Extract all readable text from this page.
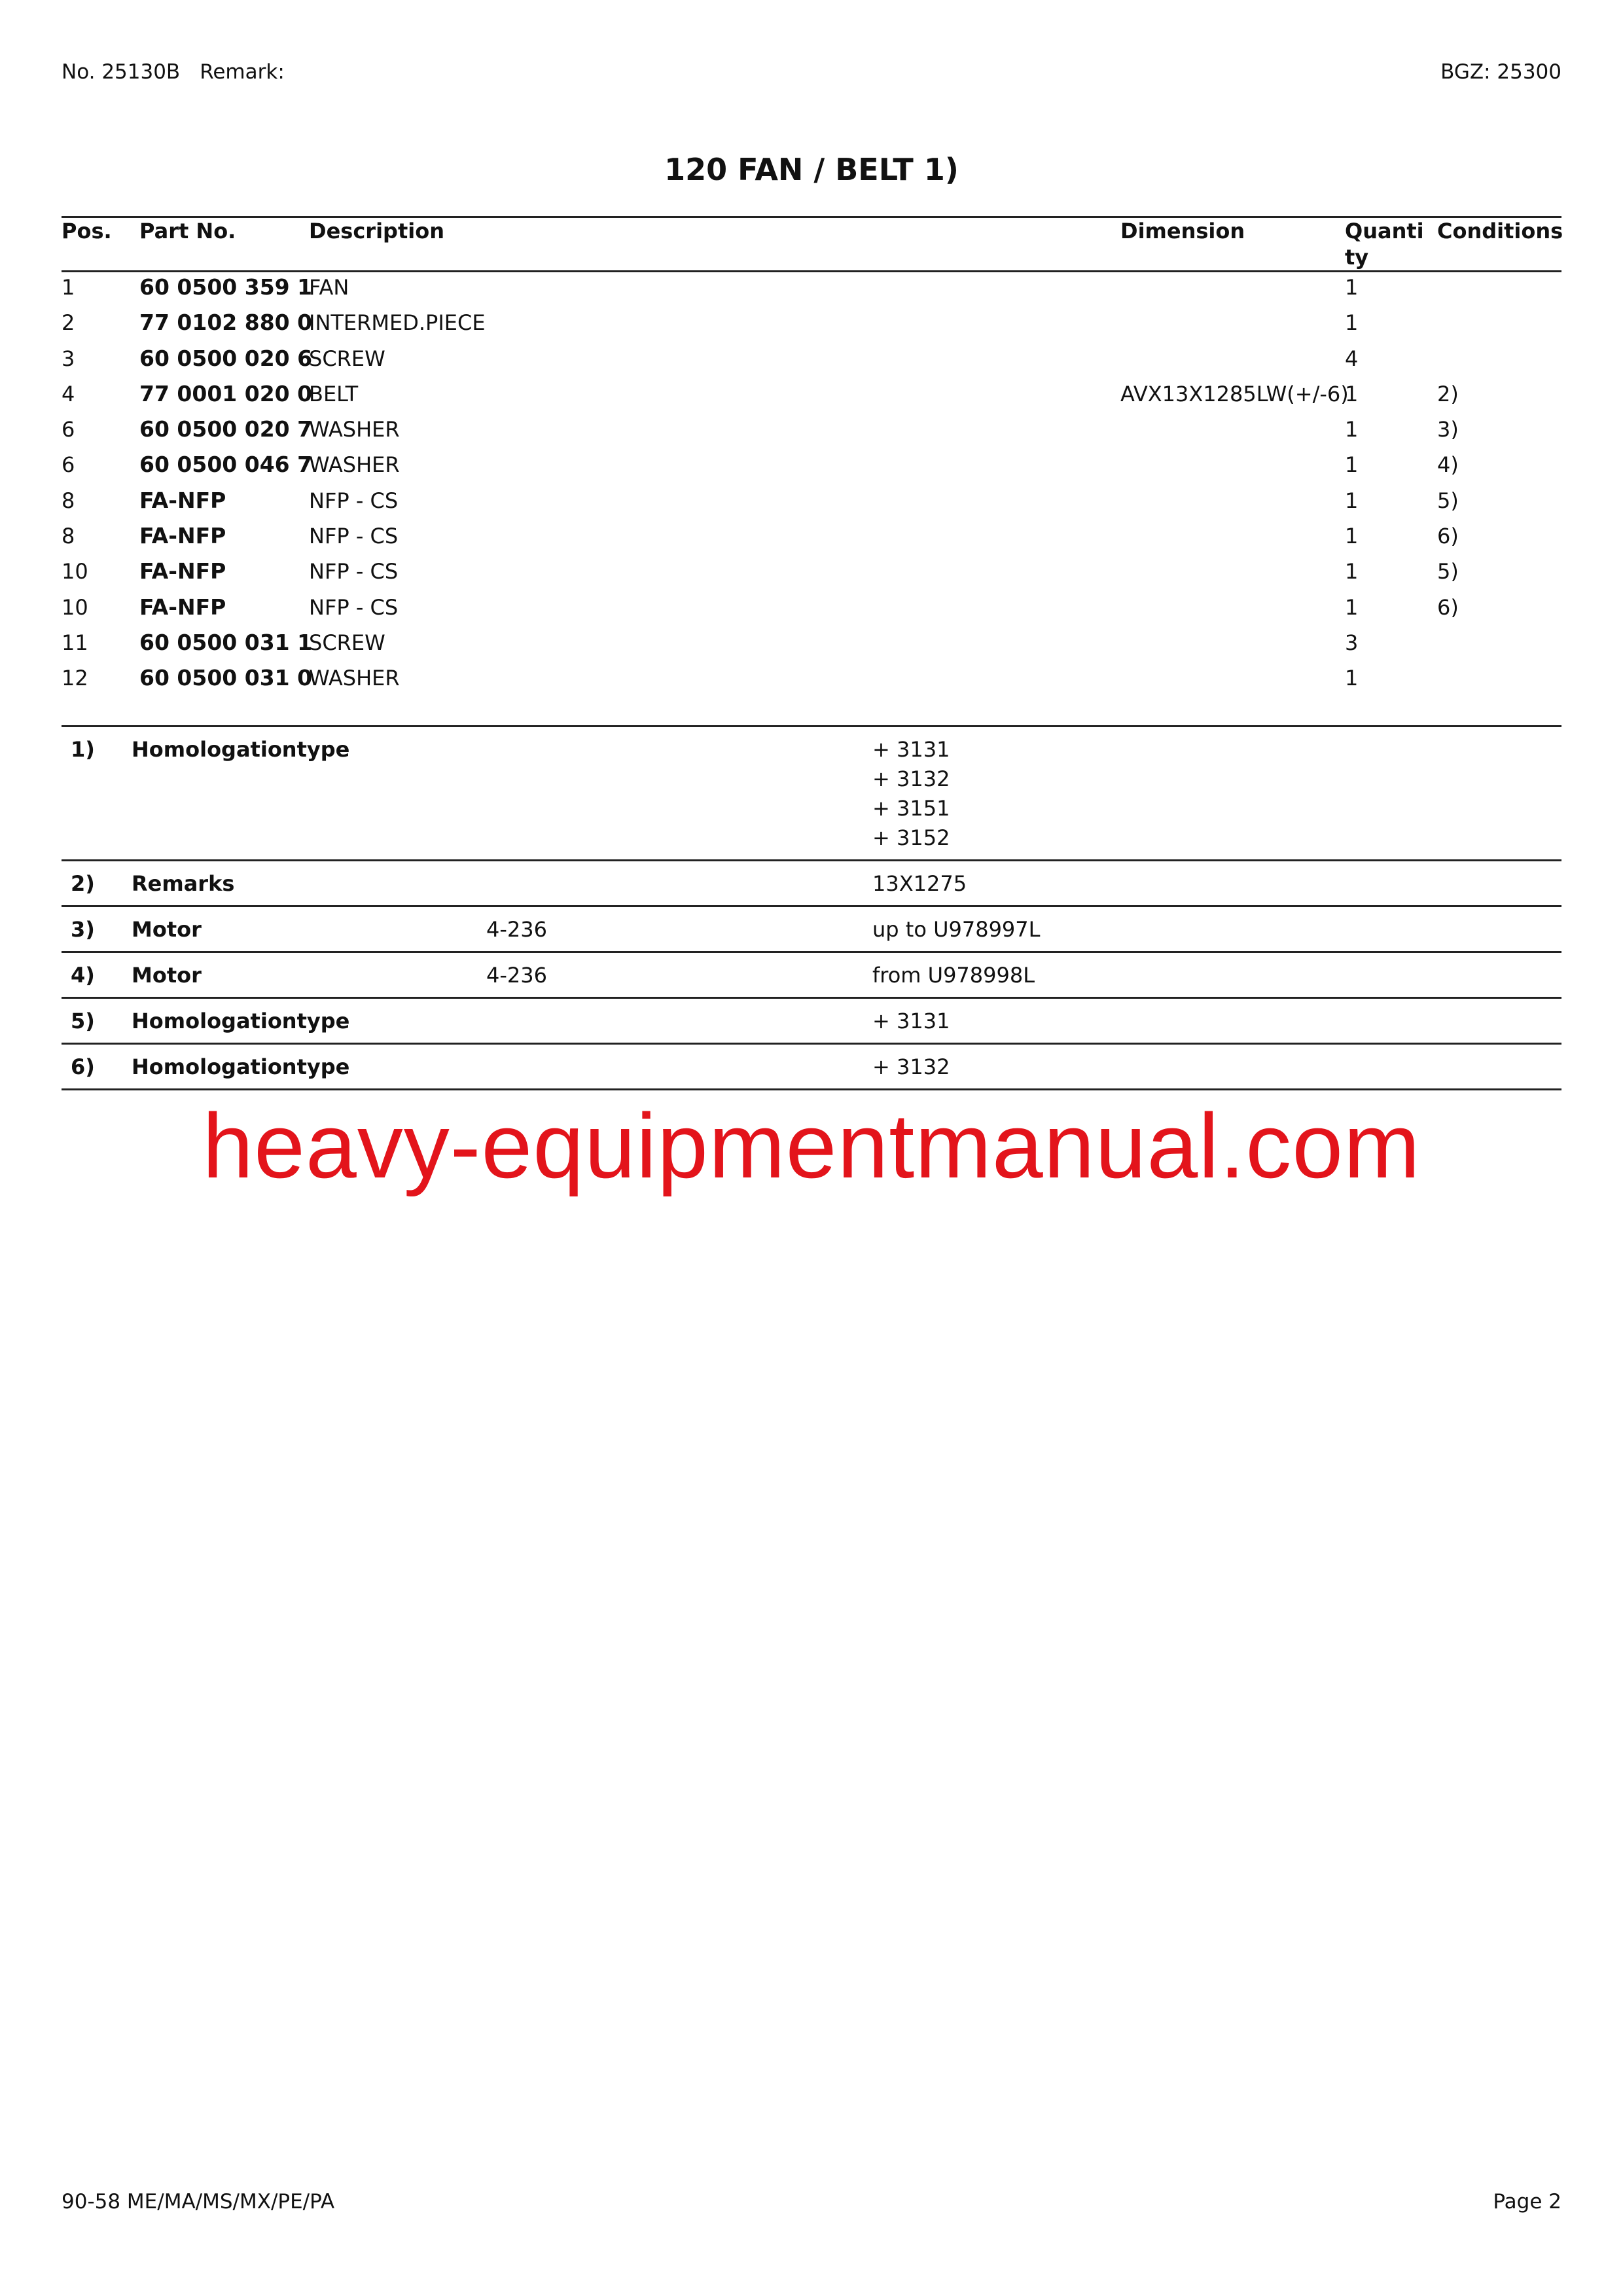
No. 25130B Remark:	BGZ: 25300
120 FAN / BELT 1)
Pos.	Part No.	Description	Dimension	Quanti ty	Conditions
1	60 0500 359 1	FAN		1	
2	77 0102 880 0	INTERMED.PIECE		1	
3	60 0500 020 6	SCREW		4	
4	77 0001 020 0	BELT	AVX13X1285LW(+/-6)	1	2)
6	60 0500 020 7	WASHER		1	3)
6	60 0500 046 7	WASHER		1	4)
8	FA-NFP	NFP - CS		1	5)
8	FA-NFP	NFP - CS		1	6)
10	FA-NFP	NFP - CS		1	5)
10	FA-NFP	NFP - CS		1	6)
11	60 0500 031 1	SCREW		3	
12	60 0500 031 0	WASHER		1	
1)	Homologationtype		+ 3131
+ 3132
+ 3151
+ 3152

2)	Remarks		13X1275

3)	Motor	4-236	up to U978997L

4)	Motor	4-236	from U978998L

5)	Homologationtype		+ 3131

6)	Homologationtype		+ 3132
heavy-equipmentmanual.com
90-58 ME/MA/MS/MX/PE/PA	Page 2
